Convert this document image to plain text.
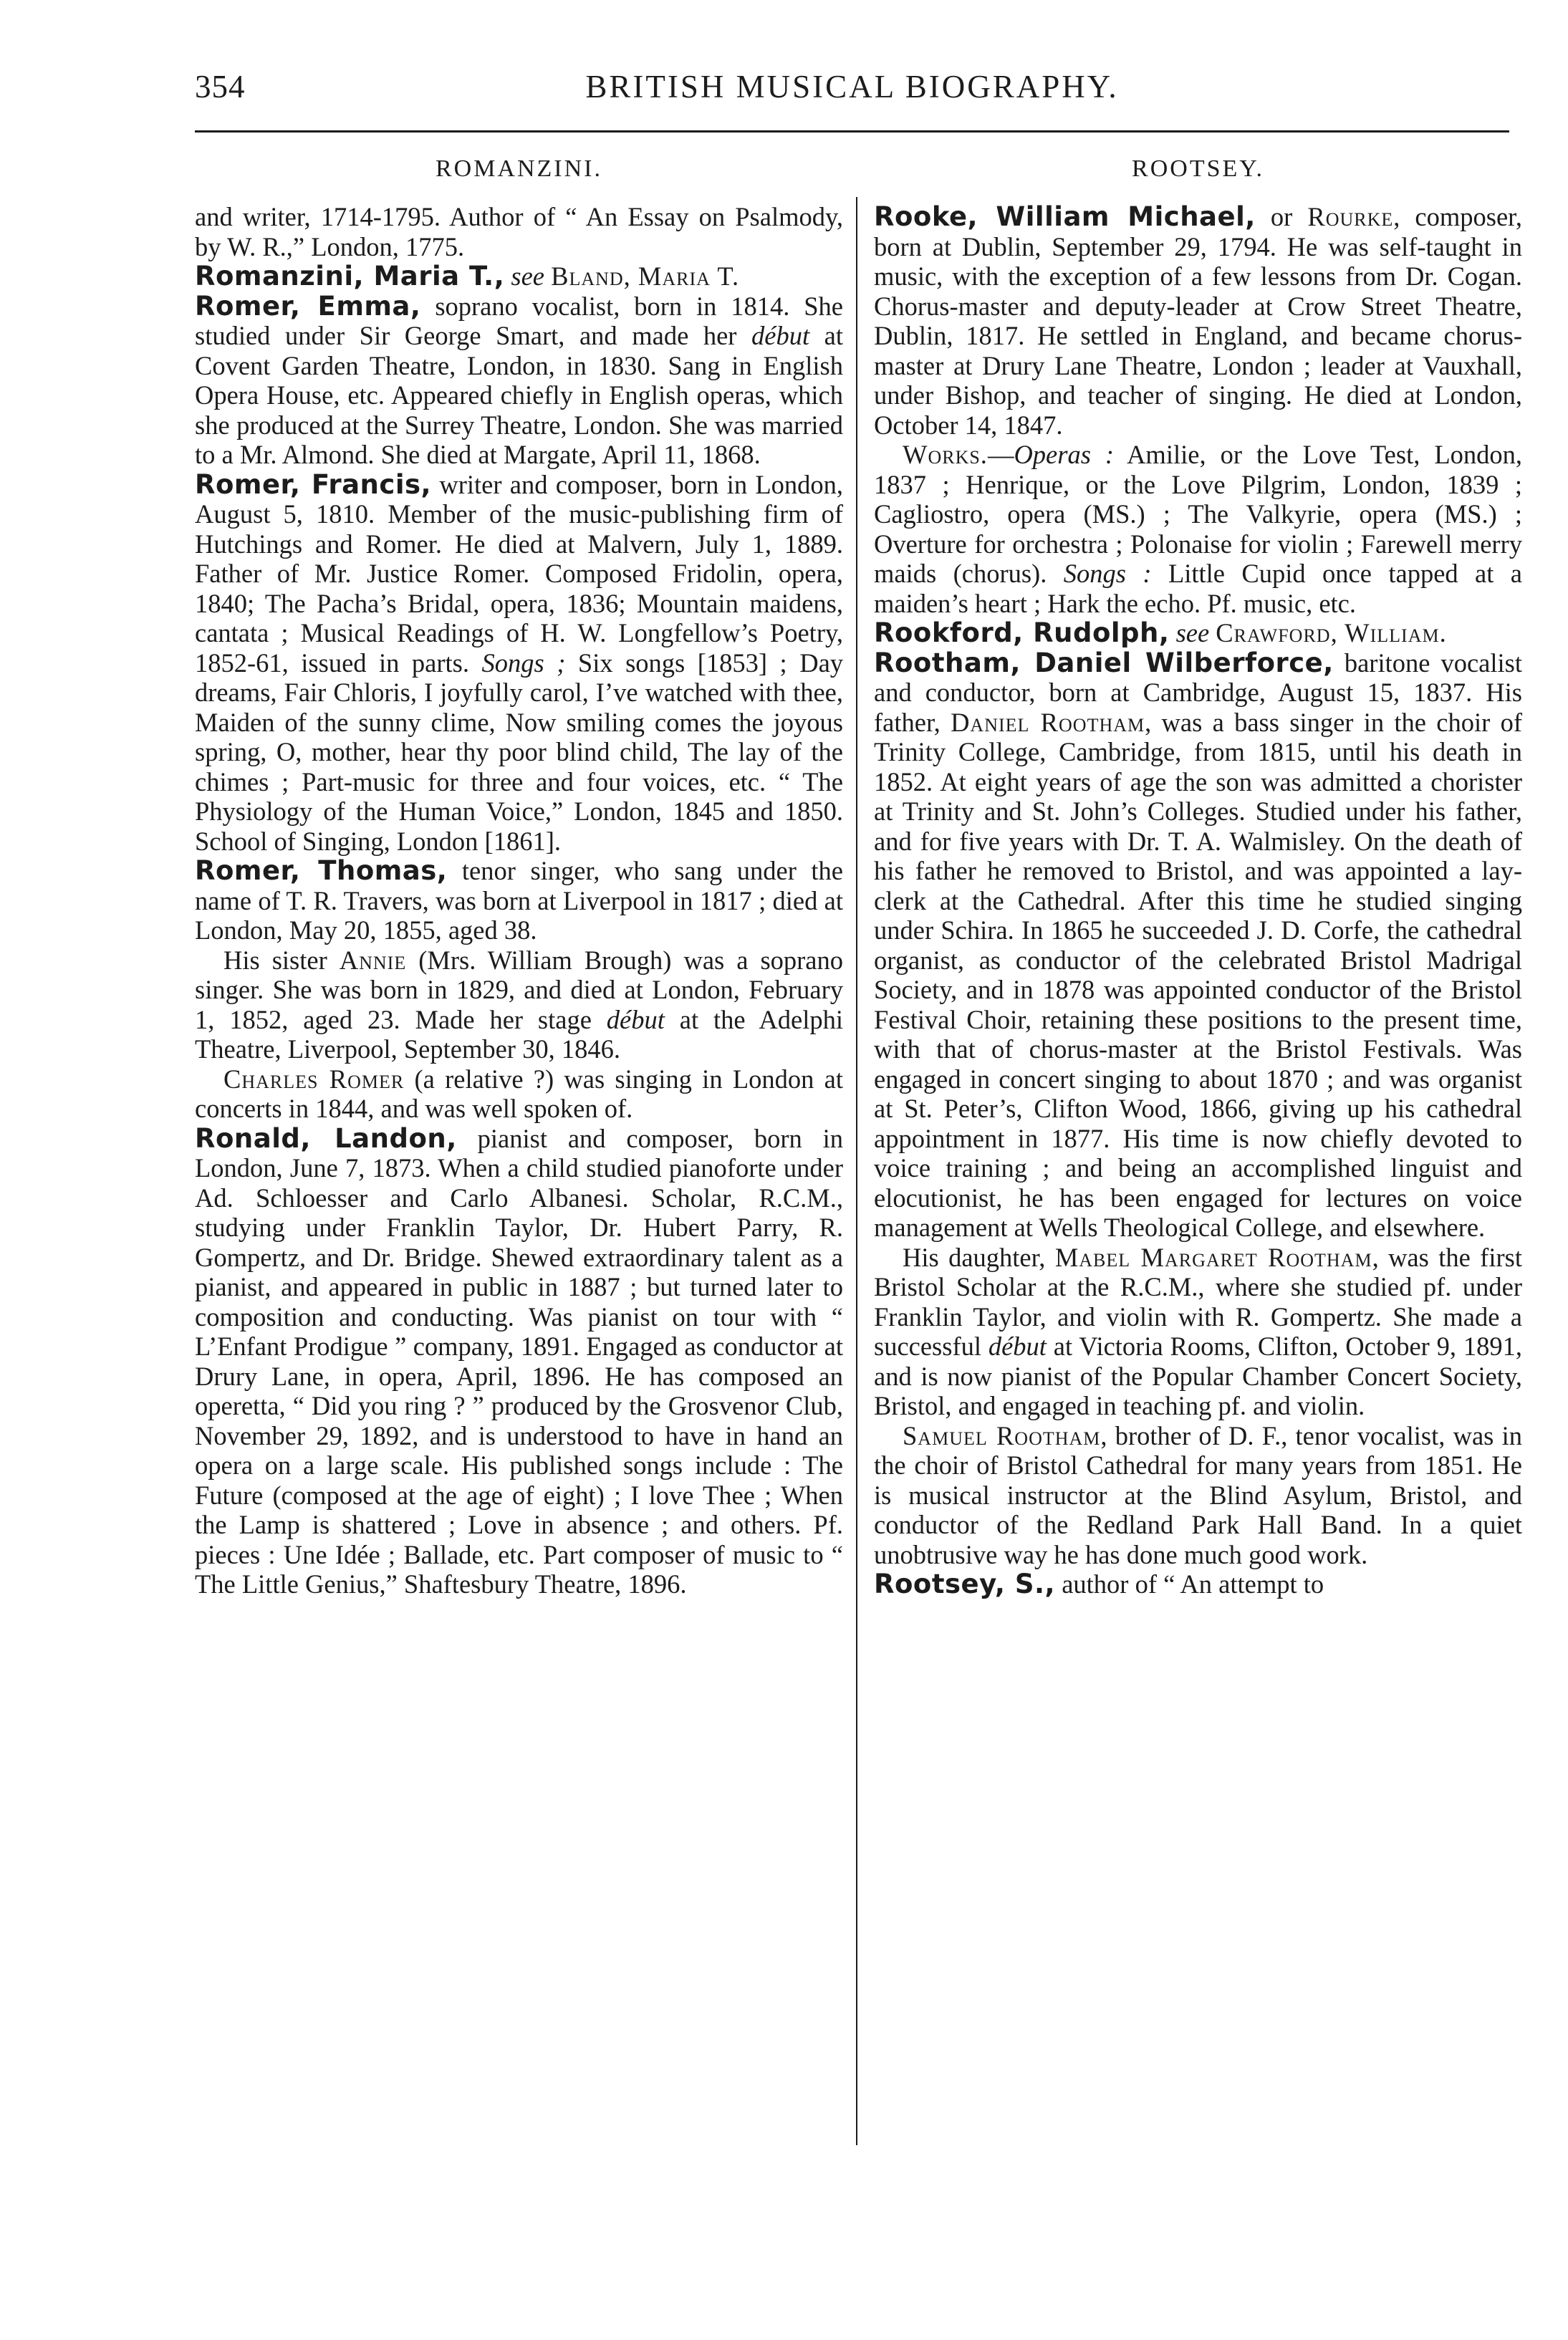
354	BRITISH MUSICAL BIOGRAPHY.
ROMANZINI.

and writer, 1714-1795. Author of “ An Essay on Psalmody, by W. R.,” London, 1775.

Romanzini, Maria T., see Bland, Maria T.

Romer, Emma, soprano vocalist, born in 1814. She studied under Sir George Smart, and made her début at Covent Garden Theatre, London, in 1830. Sang in English Opera House, etc. Appeared chiefly in English operas, which she produced at the Surrey Theatre, London. She was married to a Mr. Almond. She died at Margate, April 11, 1868.

Romer, Francis, writer and composer, born in London, August 5, 1810. Member of the music-publishing firm of Hutchings and Romer. He died at Malvern, July 1, 1889. Father of Mr. Justice Romer. Composed Fridolin, opera, 1840; The Pacha’s Bridal, opera, 1836; Mountain maidens, cantata ; Musical Readings of H. W. Longfellow’s Poetry, 1852-61, issued in parts. Songs ; Six songs [1853] ; Day dreams, Fair Chloris, I joyfully carol, I’ve watched with thee, Maiden of the sunny clime, Now smiling comes the joyous spring, O, mother, hear thy poor blind child, The lay of the chimes ; Part-music for three and four voices, etc. “ The Physiology of the Human Voice,” London, 1845 and 1850. School of Singing, London [1861].

Romer, Thomas, tenor singer, who sang under the name of T. R. Travers, was born at Liverpool in 1817 ; died at London, May 20, 1855, aged 38.

His sister Annie (Mrs. William Brough) was a soprano singer. She was born in 1829, and died at London, February 1, 1852, aged 23. Made her stage début at the Adelphi Theatre, Liverpool, September 30, 1846.

Charles Romer (a relative ?) was singing in London at concerts in 1844, and was well spoken of.

Ronald, Landon, pianist and composer, born in London, June 7, 1873. When a child studied pianoforte under Ad. Schloesser and Carlo Albanesi. Scholar, R.C.M., studying under Franklin Taylor, Dr. Hubert Parry, R. Gompertz, and Dr. Bridge. Shewed extraordinary talent as a pianist, and appeared in public in 1887 ; but turned later to composition and conducting. Was pianist on tour with “ L’Enfant Prodigue ” company, 1891. Engaged as conductor at Drury Lane, in opera, April, 1896. He has composed an operetta, “ Did you ring ? ” produced by the Grosvenor Club, November 29, 1892, and is understood to have in hand an opera on a large scale. His published songs include : The Future (composed at the age of eight) ; I love Thee ; When the Lamp is shattered ; Love in absence ; and others. Pf. pieces : Une Idée ; Ballade, etc. Part composer of music to “ The Little Genius,” Shaftesbury Theatre, 1896.

ROOTSEY.

Rooke, William Michael, or Rourke, composer, born at Dublin, September 29, 1794. He was self-taught in music, with the exception of a few lessons from Dr. Cogan. Chorus-master and deputy-leader at Crow Street Theatre, Dublin, 1817. He settled in England, and became chorus-master at Drury Lane Theatre, London ; leader at Vauxhall, under Bishop, and teacher of singing. He died at London, October 14, 1847.

Works.—Operas : Amilie, or the Love Test, London, 1837 ; Henrique, or the Love Pilgrim, London, 1839 ; Cagliostro, opera (MS.) ; The Valkyrie, opera (MS.) ; Overture for orchestra ; Polonaise for violin ; Farewell merry maids (chorus). Songs : Little Cupid once tapped at a maiden’s heart ; Hark the echo. Pf. music, etc.

Rookford, Rudolph, see Crawford, William.

Rootham, Daniel Wilberforce, baritone vocalist and conductor, born at Cambridge, August 15, 1837. His father, Daniel Rootham, was a bass singer in the choir of Trinity College, Cambridge, from 1815, until his death in 1852. At eight years of age the son was admitted a chorister at Trinity and St. John’s Colleges. Studied under his father, and for five years with Dr. T. A. Walmisley. On the death of his father he removed to Bristol, and was appointed a lay-clerk at the Cathedral. After this time he studied singing under Schira. In 1865 he succeeded J. D. Corfe, the cathedral organist, as conductor of the celebrated Bristol Madrigal Society, and in 1878 was appointed conductor of the Bristol Festival Choir, retaining these positions to the present time, with that of chorus-master at the Bristol Festivals. Was engaged in concert singing to about 1870 ; and was organist at St. Peter’s, Clifton Wood, 1866, giving up his cathedral appointment in 1877. His time is now chiefly devoted to voice training ; and being an accomplished linguist and elocutionist, he has been engaged for lectures on voice management at Wells Theological College, and elsewhere.

His daughter, Mabel Margaret Rootham, was the first Bristol Scholar at the R.C.M., where she studied pf. under Franklin Taylor, and violin with R. Gompertz. She made a successful début at Victoria Rooms, Clifton, October 9, 1891, and is now pianist of the Popular Chamber Concert Society, Bristol, and engaged in teaching pf. and violin.

Samuel Rootham, brother of D. F., tenor vocalist, was in the choir of Bristol Cathedral for many years from 1851. He is musical instructor at the Blind Asylum, Bristol, and conductor of the Redland Park Hall Band. In a quiet unobtrusive way he has done much good work.

Rootsey, S., author of “ An attempt to
